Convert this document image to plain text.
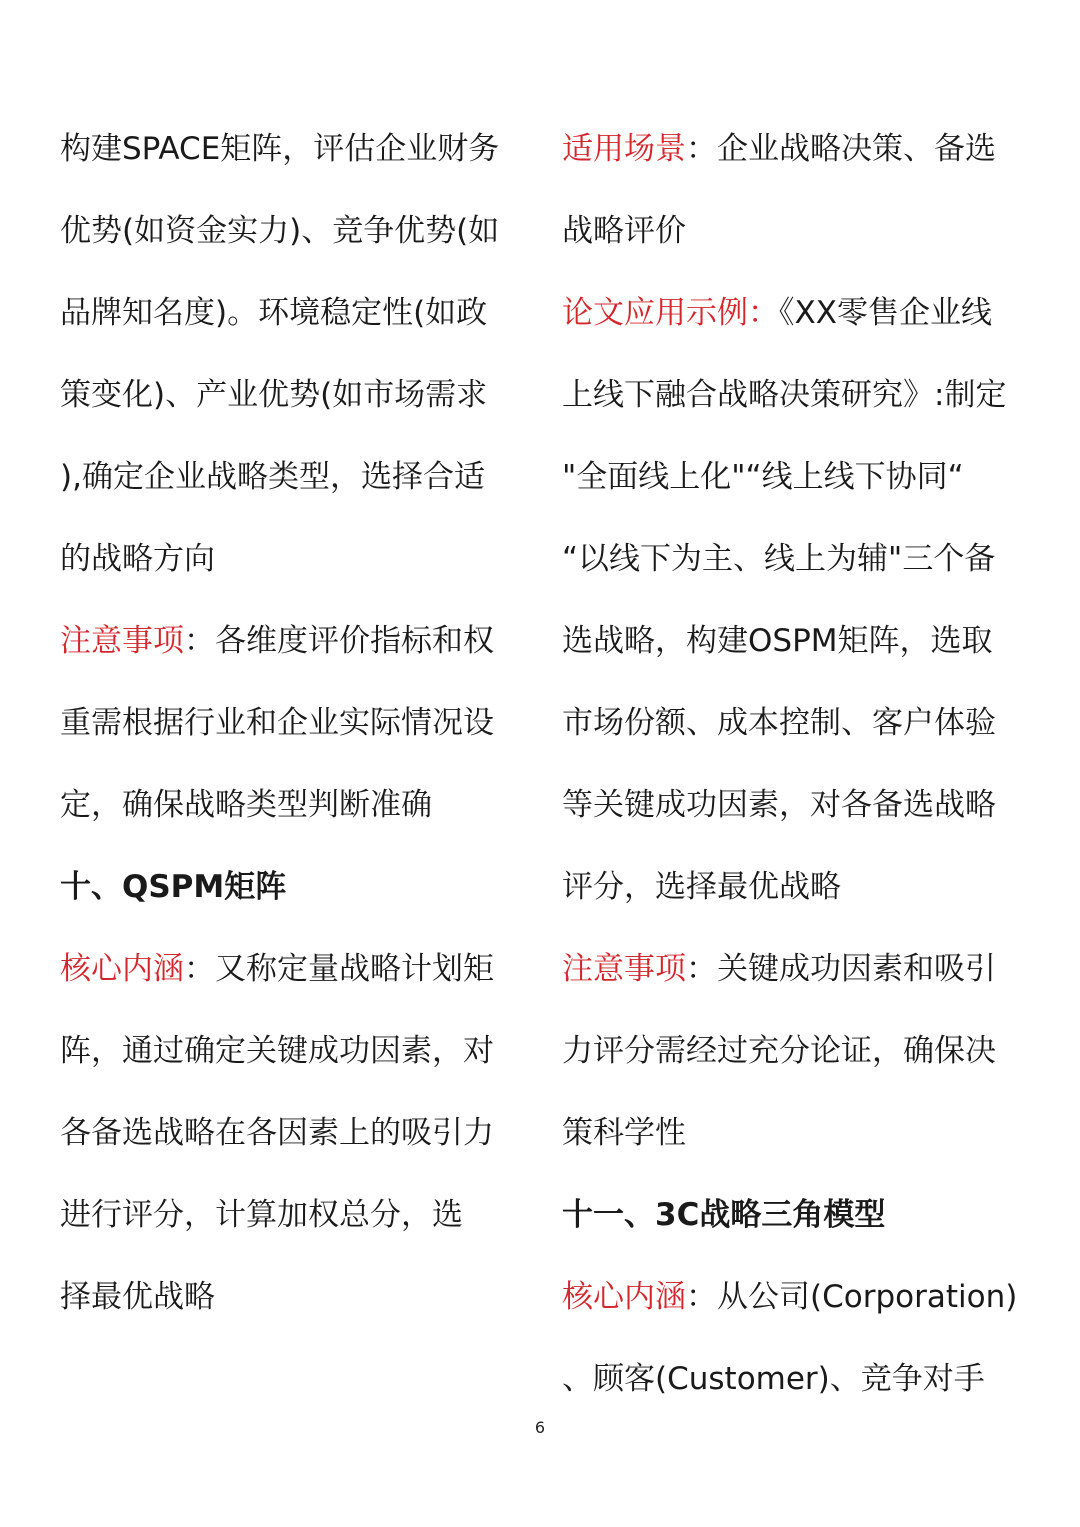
构建SPACE矩阵，评估企业财务
优势(如资金实力)、竞争优势(如
品牌知名度)。环境稳定性(如政
策变化)、产业优势(如市场需求
),确定企业战略类型，选择合适
的战略方向
注意事项：各维度评价指标和权
重需根据行业和企业实际情况设
定，确保战略类型判断准确
十、QSPM矩阵
核心内涵：又称定量战略计划矩
阵，通过确定关键成功因素，对
各备选战略在各因素上的吸引力
进行评分，计算加权总分，选
择最优战略
适用场景：企业战略决策、备选
战略评价
论文应用示例：《XX零售企业线
上线下融合战略决策研究》:制定
"全面线上化"“线上线下协同“
“以线下为主、线上为辅"三个备
选战略，构建OSPM矩阵，选取
市场份额、成本控制、客户体验
等关键成功因素，对各备选战略
评分，选择最优战略
注意事项：关键成功因素和吸引
力评分需经过充分论证，确保决
策科学性
十一、3C战略三角模型
核心内涵：从公司(Corporation)
、顾客(Customer)、竞争对手
6
